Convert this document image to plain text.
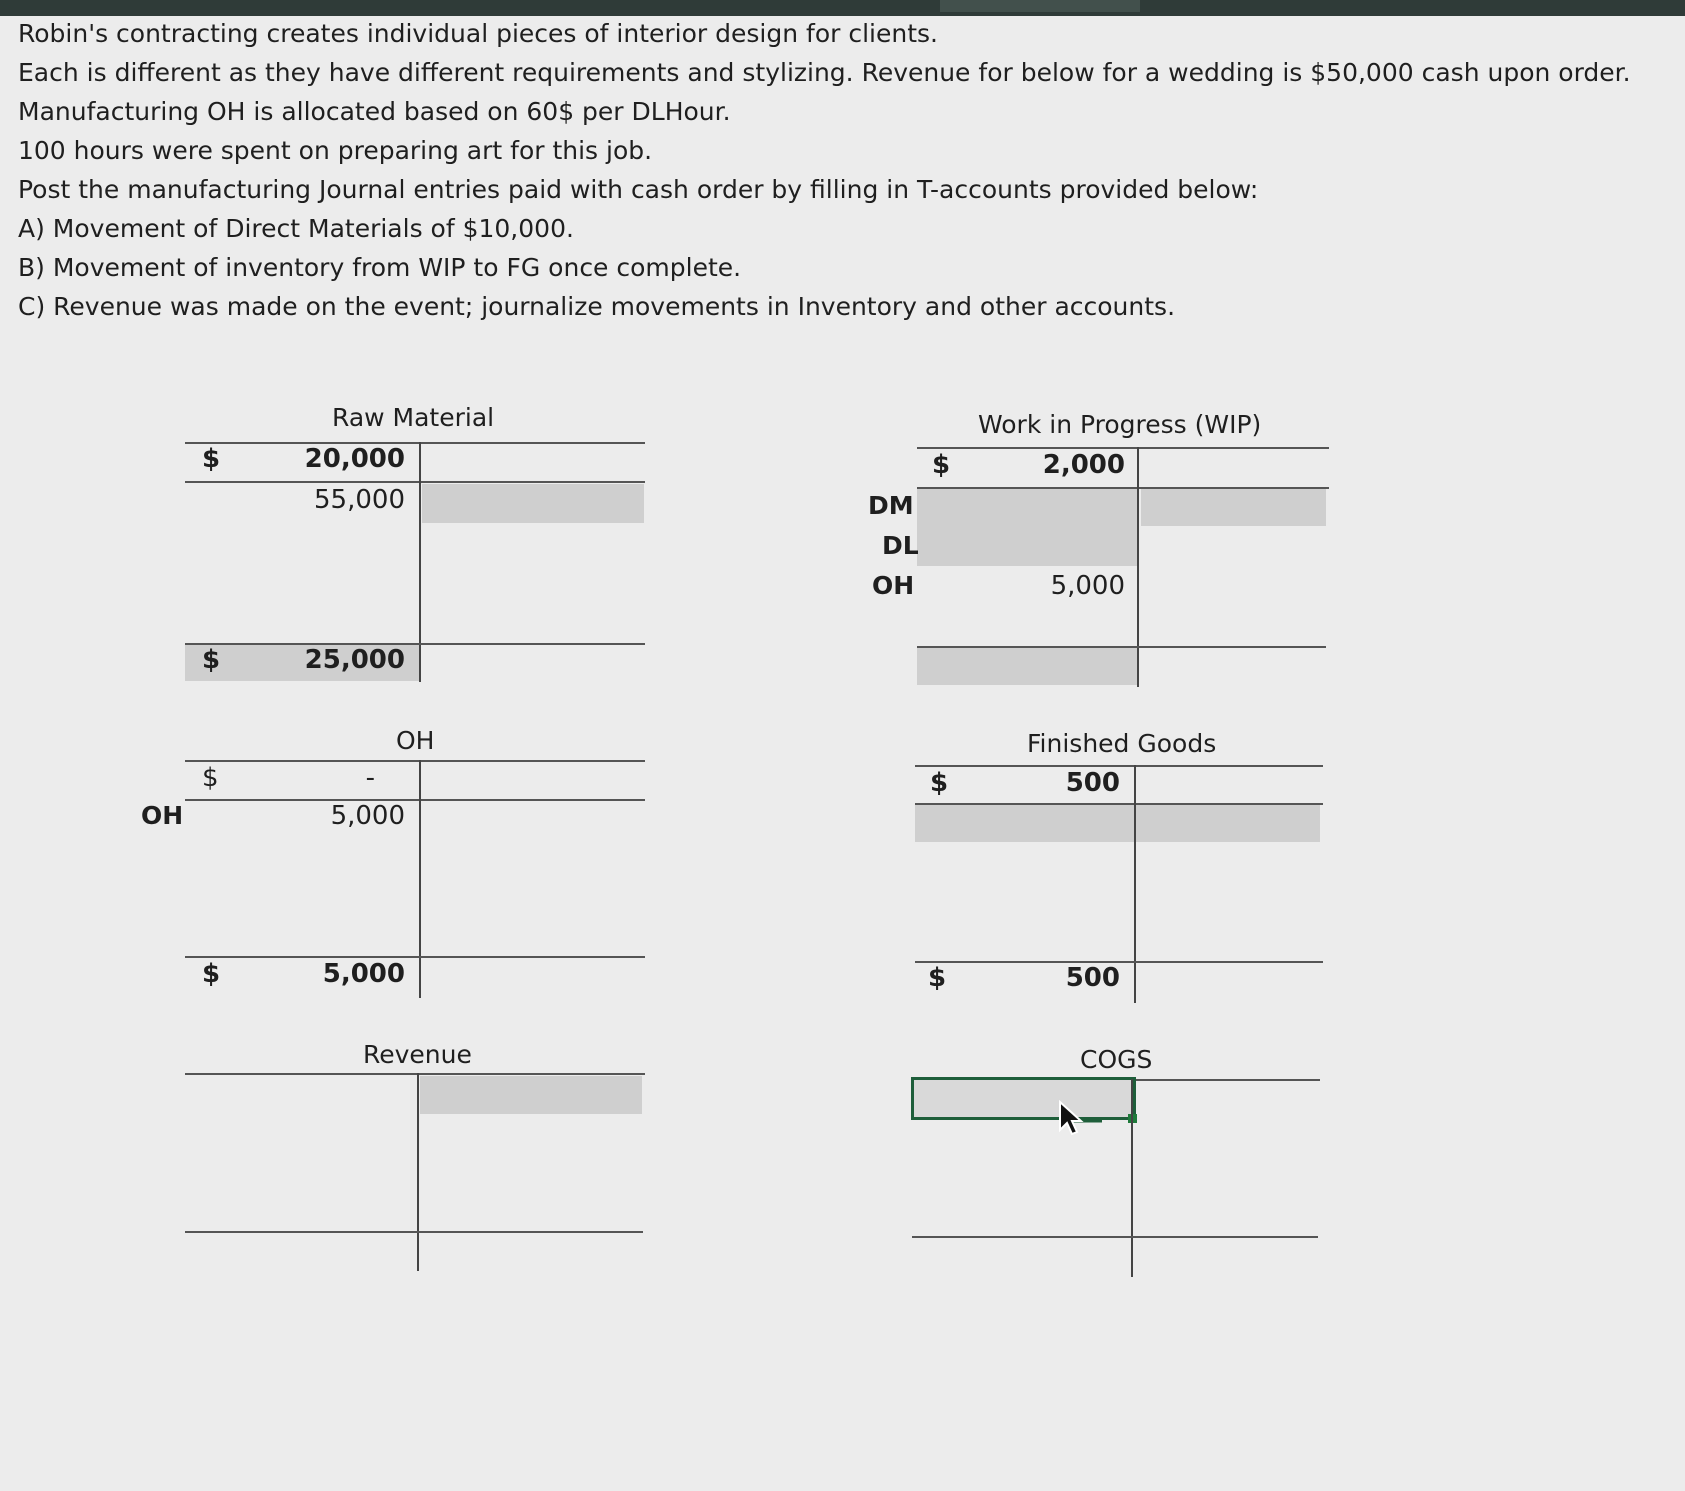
Robin's contracting creates individual pieces of interior design for clients.
Each is different as they have different requirements and stylizing. Revenue for below for a wedding is $50,000 cash upon order.
Manufacturing OH is allocated based on 60$ per DLHour.
100 hours were spent on preparing art for this job.
Post the manufacturing Journal entries paid with cash order by filling in T-accounts provided below:
A) Movement of Direct Materials of $10,000.
B) Movement of inventory from WIP to FG once complete.
C) Revenue was made on the event; journalize movements in Inventory and other accounts.
Raw Material
$	20,000
55,000
$	25,000
Work in Progress (WIP)
$	2,000
DM
DL
OH	5,000
OH
$	-
OH	5,000
$	5,000
Finished Goods
$	500
$	500
Revenue	COGS
